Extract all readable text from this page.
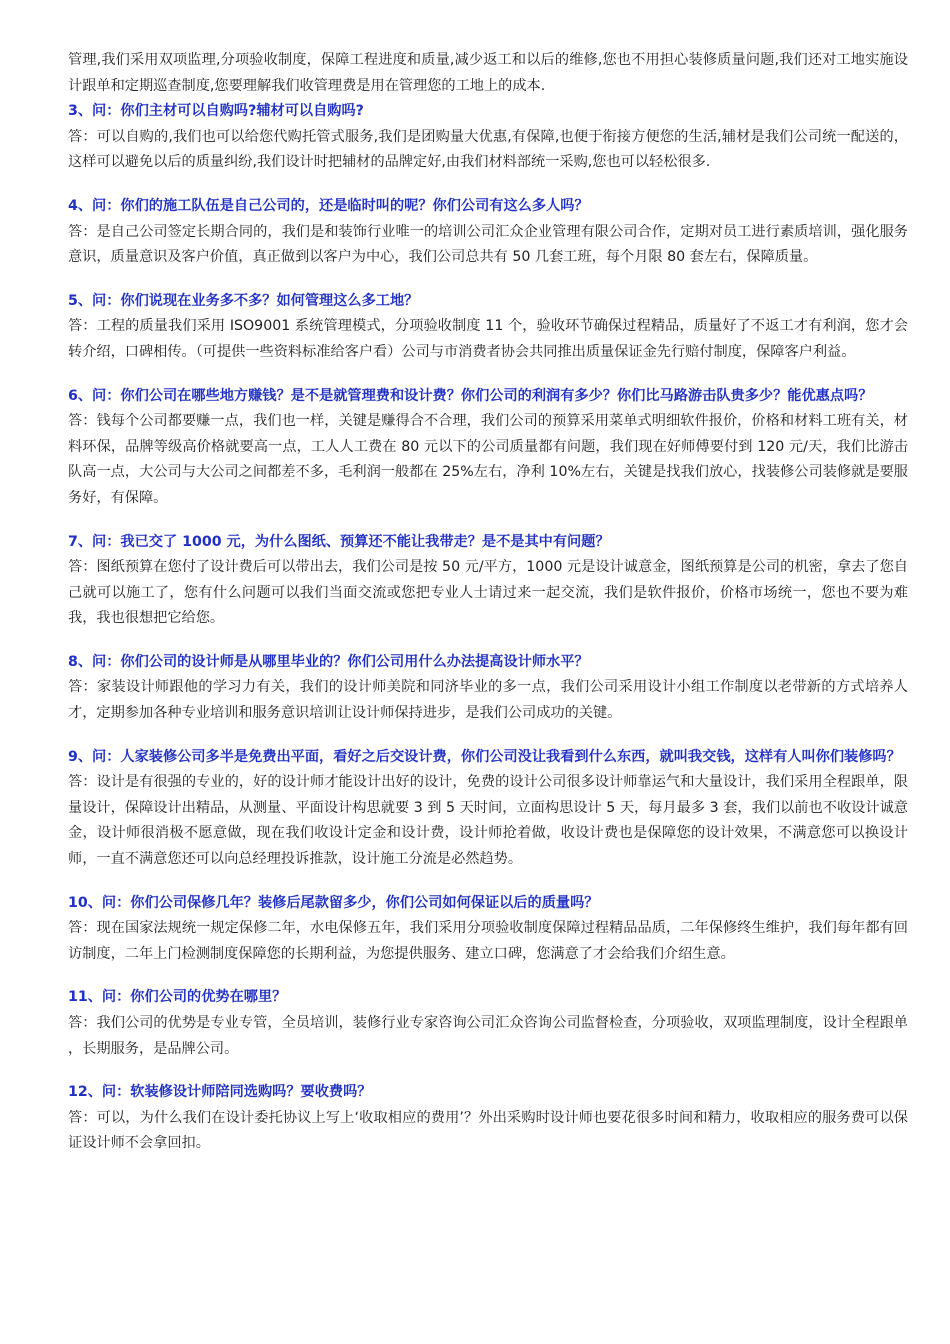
管理,我们采用双项监理,分项验收制度，保障工程进度和质量,减少返工和以后的维修,您也不用担心装修质量问题,我们还对工地实施设计跟单和定期巡查制度,您要理解我们收管理费是用在管理您的工地上的成本.

3、问：你们主材可以自购吗?辅材可以自购吗?

答：可以自购的,我们也可以给您代购托管式服务,我们是团购量大优惠,有保障,也便于衔接方便您的生活,辅材是我们公司统一配送的，这样可以避免以后的质量纠纷,我们设计时把辅材的品牌定好,由我们材料部统一采购,您也可以轻松很多.

4、问：你们的施工队伍是自己公司的，还是临时叫的呢？你们公司有这么多人吗？

答：是自己公司签定长期合同的，我们是和装饰行业唯一的培训公司汇众企业管理有限公司合作，定期对员工进行素质培训，强化服务意识，质量意识及客户价值，真正做到以客户为中心，我们公司总共有 50 几套工班，每个月限 80 套左右，保障质量。

5、问：你们说现在业务多不多？如何管理这么多工地？

答：工程的质量我们采用 ISO9001 系统管理模式，分项验收制度 11 个，验收环节确保过程精品，质量好了不返工才有利润，您才会转介绍，口碑相传。（可提供一些资料标准给客户看）公司与市消费者协会共同推出质量保证金先行赔付制度，保障客户利益。

6、问：你们公司在哪些地方赚钱？是不是就管理费和设计费？你们公司的利润有多少？你们比马路游击队贵多少？能优惠点吗？

答：钱每个公司都要赚一点，我们也一样，关键是赚得合不合理，我们公司的预算采用菜单式明细软件报价，价格和材料工班有关，材料环保，品牌等级高价格就要高一点，工人人工费在 80 元以下的公司质量都有问题，我们现在好师傅要付到 120 元/天，我们比游击队高一点，大公司与大公司之间都差不多，毛利润一般都在 25%左右，净利 10%左右，关键是找我们放心，找装修公司装修就是要服务好，有保障。

7、问：我已交了 1000 元，为什么图纸、预算还不能让我带走？是不是其中有问题？

答：图纸预算在您付了设计费后可以带出去，我们公司是按 50 元/平方，1000 元是设计诚意金，图纸预算是公司的机密，拿去了您自己就可以施工了，您有什么问题可以我们当面交流或您把专业人士请过来一起交流，我们是软件报价，价格市场统一，您也不要为难我，我也很想把它给您。

8、问：你们公司的设计师是从哪里毕业的？你们公司用什么办法提高设计师水平？

答：家装设计师跟他的学习力有关，我们的设计师美院和同济毕业的多一点，我们公司采用设计小组工作制度以老带新的方式培养人才，定期参加各种专业培训和服务意识培训让设计师保持进步，是我们公司成功的关键。

9、问：人家装修公司多半是免费出平面，看好之后交设计费，你们公司没让我看到什么东西，就叫我交钱，这样有人叫你们装修吗？

答：设计是有很强的专业的，好的设计师才能设计出好的设计，免费的设计公司很多设计师靠运气和大量设计，我们采用全程跟单，限量设计，保障设计出精品，从测量、平面设计构思就要 3 到 5 天时间，立面构思设计 5 天，每月最多 3 套，我们以前也不收设计诚意金，设计师很消极不愿意做，现在我们收设计定金和设计费，设计师抢着做，收设计费也是保障您的设计效果，不满意您可以换设计师，一直不满意您还可以向总经理投诉推款，设计施工分流是必然趋势。

10、问：你们公司保修几年？装修后尾款留多少，你们公司如何保证以后的质量吗？

答：现在国家法规统一规定保修二年，水电保修五年，我们采用分项验收制度保障过程精品品质，二年保修终生维护，我们每年都有回访制度，二年上门检测制度保障您的长期利益，为您提供服务、建立口碑，您满意了才会给我们介绍生意。

11、问：你们公司的优势在哪里？

答：我们公司的优势是专业专管，全员培训，装修行业专家咨询公司汇众咨询公司监督检查，分项验收，双项监理制度，设计全程跟单 ，长期服务，是品牌公司。

12、问：软装修设计师陪同选购吗？要收费吗？

答：可以，为什么我们在设计委托协议上写上‘收取相应的费用’？外出采购时设计师也要花很多时间和精力，收取相应的服务费可以保证设计师不会拿回扣。
